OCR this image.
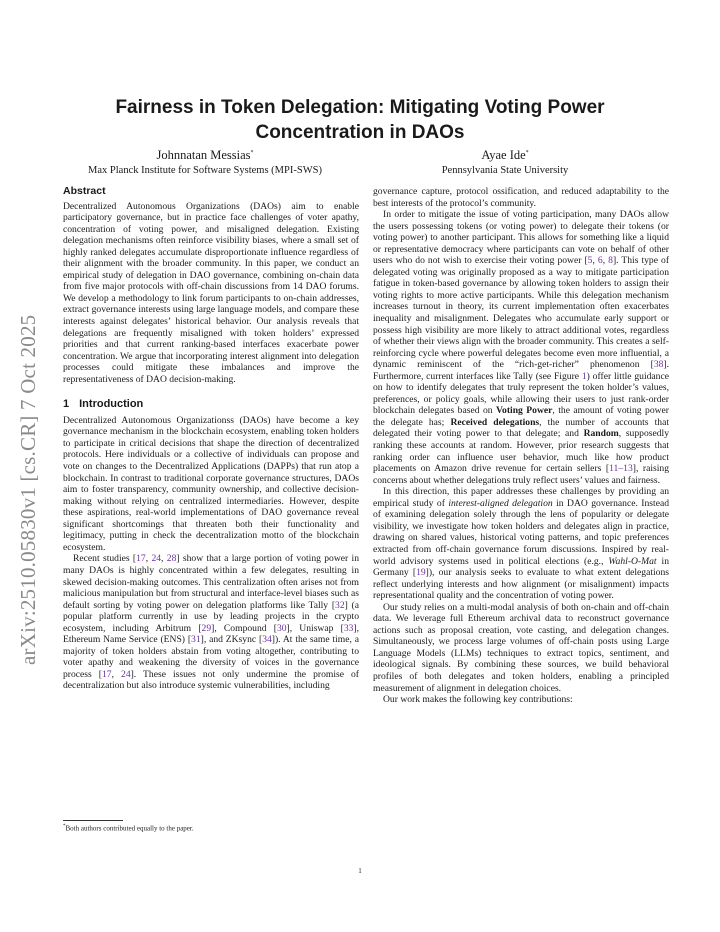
arXiv:2510.05830v1 [cs.CR] 7 Oct 2025
Fairness in Token Delegation: Mitigating Voting Power
Concentration in DAOs
Johnnatan Messias*
Max Planck Institute for Software Systems (MPI-SWS)
Ayae Ide*
Pennsylvania State University
Abstract

Decentralized Autonomous Organizations (DAOs) aim to enable participatory governance, but in practice face challenges of voter apathy, concentration of voting power, and misaligned delegation. Existing delegation mechanisms often reinforce visibility biases, where a small set of highly ranked delegates accumulate disproportionate influence regardless of their alignment with the broader community. In this paper, we conduct an empirical study of delegation in DAO governance, combining on-chain data from five major protocols with off-chain discussions from 14 DAO forums. We develop a methodology to link forum participants to on-chain addresses, extract governance interests using large language models, and compare these interests against delegates’ historical behavior. Our analysis reveals that delegations are frequently misaligned with token holders’ expressed priorities and that current ranking-based interfaces exacerbate power concentration. We argue that incorporating interest alignment into delegation processes could mitigate these imbalances and improve the representativeness of DAO decision-making.

1 Introduction

Decentralized Autonomous Organizationss (DAOs) have become a key governance mechanism in the blockchain ecosystem, enabling token holders to participate in critical decisions that shape the direction of decentralized protocols. Here individuals or a collective of individuals can propose and vote on changes to the Decentralized Applications (DAPPs) that run atop a blockchain. In contrast to traditional corporate governance structures, DAOs aim to foster transparency, community ownership, and collective decision-making without relying on centralized intermediaries. However, despite these aspirations, real-world implementations of DAO governance reveal significant shortcomings that threaten both their functionality and legitimacy, putting in check the decentralization motto of the blockchain ecosystem.

Recent studies [17, 24, 28] show that a large portion of voting power in many DAOs is highly concentrated within a few delegates, resulting in skewed decision-making outcomes. This centralization often arises not from malicious manipulation but from structural and interface-level biases such as default sorting by voting power on delegation platforms like Tally [32] (a popular platform currently in use by leading projects in the crypto ecosystem, including Arbitrum [29], Compound [30], Uniswap [33], Ethereum Name Service (ENS) [31], and ZKsync [34]). At the same time, a majority of token holders abstain from voting altogether, contributing to voter apathy and weakening the diversity of voices in the governance process [17, 24]. These issues not only undermine the promise of decentralization but also introduce systemic vulnerabilities, including

governance capture, protocol ossification, and reduced adaptability to the best interests of the protocol’s community.

In order to mitigate the issue of voting participation, many DAOs allow the users possessing tokens (or voting power) to delegate their tokens (or voting power) to another participant. This allows for something like a liquid or representative democracy where participants can vote on behalf of other users who do not wish to exercise their voting power [5, 6, 8]. This type of delegated voting was originally proposed as a way to mitigate participation fatigue in token-based governance by allowing token holders to assign their voting rights to more active participants. While this delegation mechanism increases turnout in theory, its current implementation often exacerbates inequality and misalignment. Delegates who accumulate early support or possess high visibility are more likely to attract additional votes, regardless of whether their views align with the broader community. This creates a self-reinforcing cycle where powerful delegates become even more influential, a dynamic reminiscent of the “rich-get-richer” phenomenon [38]. Furthermore, current interfaces like Tally (see Figure 1) offer little guidance on how to identify delegates that truly represent the token holder’s values, preferences, or policy goals, while allowing their users to just rank-order blockchain delegates based on Voting Power, the amount of voting power the delegate has; Received delegations, the number of accounts that delegated their voting power to that delegate; and Random, supposedly ranking these accounts at random. However, prior research suggests that ranking order can influence user behavior, much like how product placements on Amazon drive revenue for certain sellers [11–13], raising concerns about whether delegations truly reflect users’ values and fairness.

In this direction, this paper addresses these challenges by providing an empirical study of interest-aligned delegation in DAO governance. Instead of examining delegation solely through the lens of popularity or delegate visibility, we investigate how token holders and delegates align in practice, drawing on shared values, historical voting patterns, and topic preferences extracted from off-chain governance forum discussions. Inspired by real-world advisory systems used in political elections (e.g., Wahl-O-Mat in Germany [19]), our analysis seeks to evaluate to what extent delegations reflect underlying interests and how alignment (or misalignment) impacts representational quality and the concentration of voting power.

Our study relies on a multi-modal analysis of both on-chain and off-chain data. We leverage full Ethereum archival data to reconstruct governance actions such as proposal creation, vote casting, and delegation changes. Simultaneously, we process large volumes of off-chain posts using Large Language Models (LLMs) techniques to extract topics, sentiment, and ideological signals. By combining these sources, we build behavioral profiles of both delegates and token holders, enabling a principled measurement of alignment in delegation choices.

Our work makes the following key contributions:

*Both authors contributed equally to the paper.
1
